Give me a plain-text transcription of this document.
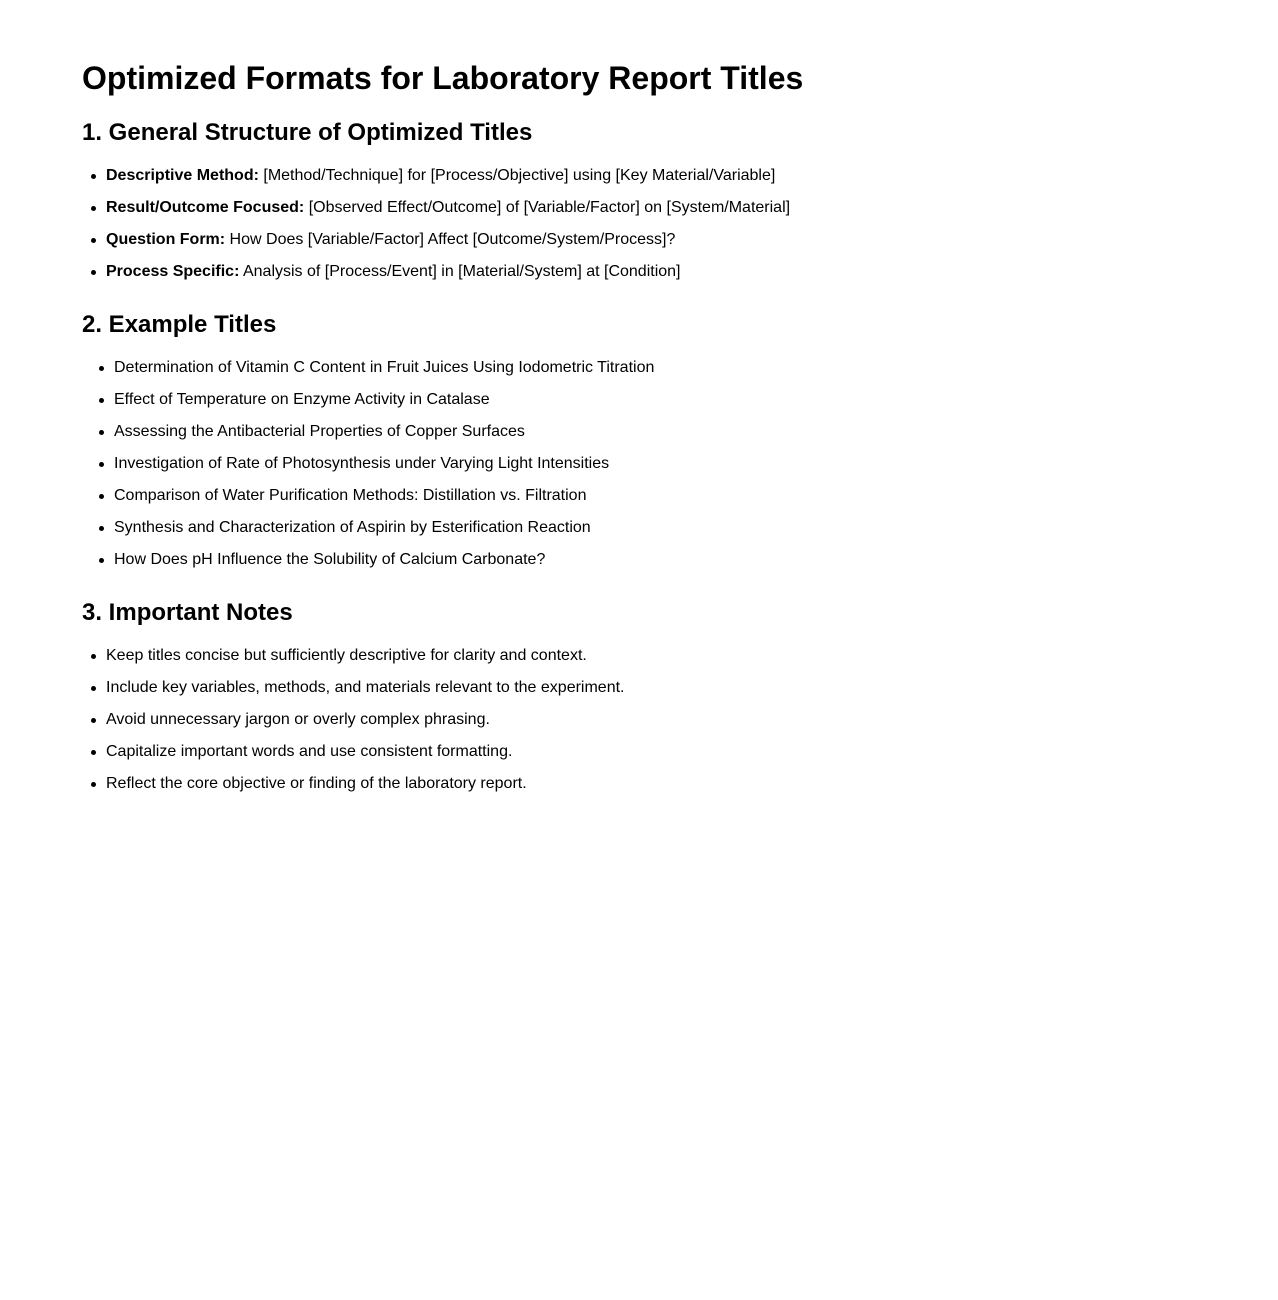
Optimized Formats for Laboratory Report Titles
1. General Structure of Optimized Titles
Descriptive Method: [Method/Technique] for [Process/Objective] using [Key Material/Variable]
Result/Outcome Focused: [Observed Effect/Outcome] of [Variable/Factor] on [System/Material]
Question Form: How Does [Variable/Factor] Affect [Outcome/System/Process]?
Process Specific: Analysis of [Process/Event] in [Material/System] at [Condition]
2. Example Titles
Determination of Vitamin C Content in Fruit Juices Using Iodometric Titration
Effect of Temperature on Enzyme Activity in Catalase
Assessing the Antibacterial Properties of Copper Surfaces
Investigation of Rate of Photosynthesis under Varying Light Intensities
Comparison of Water Purification Methods: Distillation vs. Filtration
Synthesis and Characterization of Aspirin by Esterification Reaction
How Does pH Influence the Solubility of Calcium Carbonate?
3. Important Notes
Keep titles concise but sufficiently descriptive for clarity and context.
Include key variables, methods, and materials relevant to the experiment.
Avoid unnecessary jargon or overly complex phrasing.
Capitalize important words and use consistent formatting.
Reflect the core objective or finding of the laboratory report.
